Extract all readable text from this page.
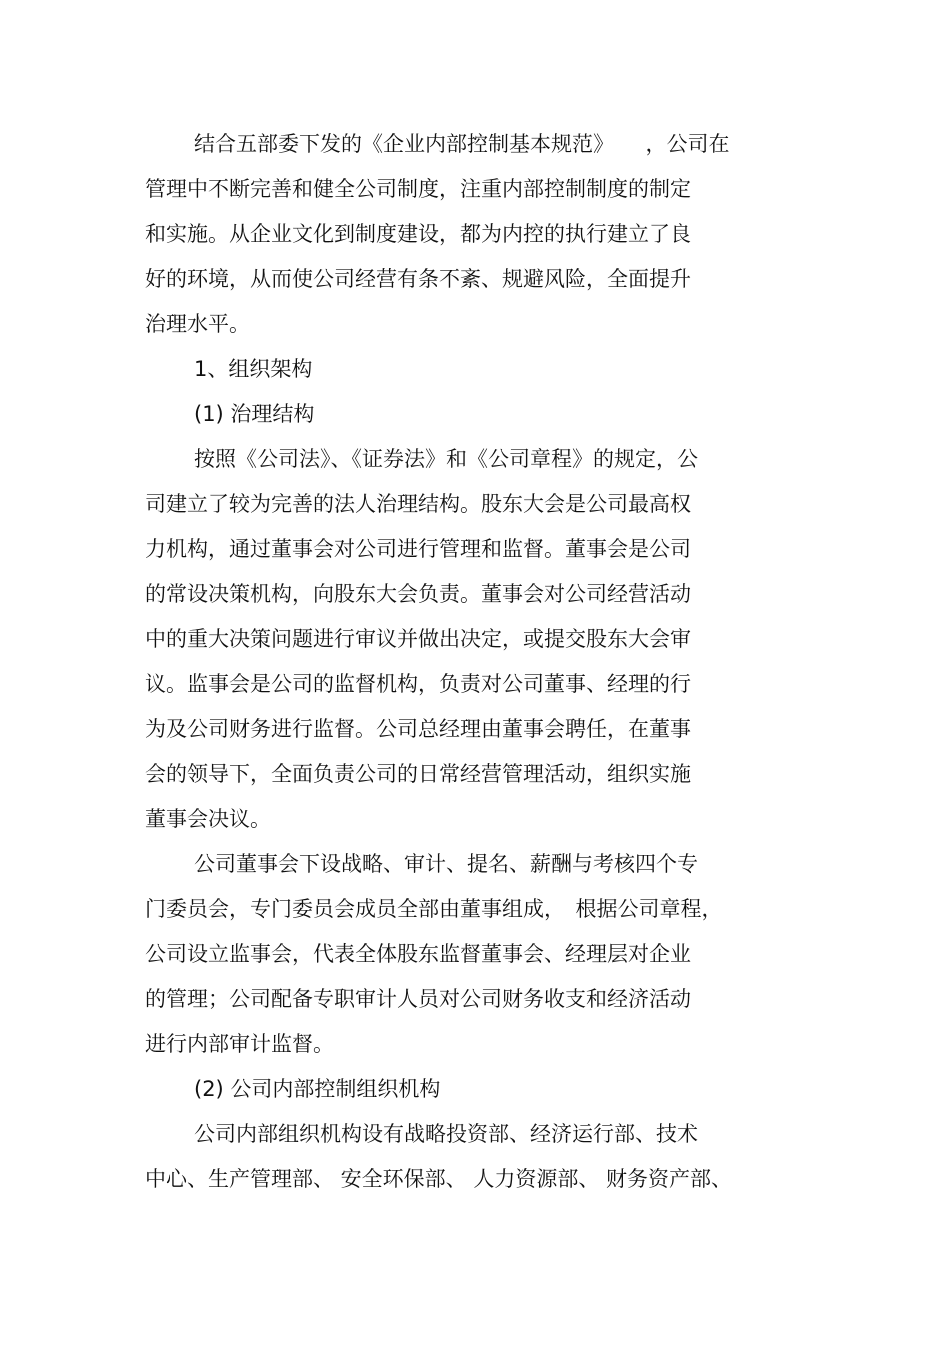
结合五部委下发的《企业内部控制基本规范》　　，公司在
管理中不断完善和健全公司制度，注重内部控制制度的制定
和实施。从企业文化到制度建设，都为内控的执行建立了良
好的环境，从而使公司经营有条不紊、规避风险，全面提升
治理水平。
1、组织架构
(1) 治理结构
按照《公司法》、《证券法》和《公司章程》的规定，公
司建立了较为完善的法人治理结构。股东大会是公司最高权
力机构，通过董事会对公司进行管理和监督。董事会是公司
的常设决策机构，向股东大会负责。董事会对公司经营活动
中的重大决策问题进行审议并做出决定，或提交股东大会审
议。监事会是公司的监督机构，负责对公司董事、经理的行
为及公司财务进行监督。公司总经理由董事会聘任，在董事
会的领导下，全面负责公司的日常经营管理活动，组织实施
董事会决议。
公司董事会下设战略、审计、提名、薪酬与考核四个专
门委员会，专门委员会成员全部由董事组成，　根据公司章程，
公司设立监事会，代表全体股东监督董事会、经理层对企业
的管理；公司配备专职审计人员对公司财务收支和经济活动
进行内部审计监督。
(2) 公司内部控制组织机构
公司内部组织机构设有战略投资部、经济运行部、技术
中心、生产管理部、 安全环保部、 人力资源部、 财务资产部、
